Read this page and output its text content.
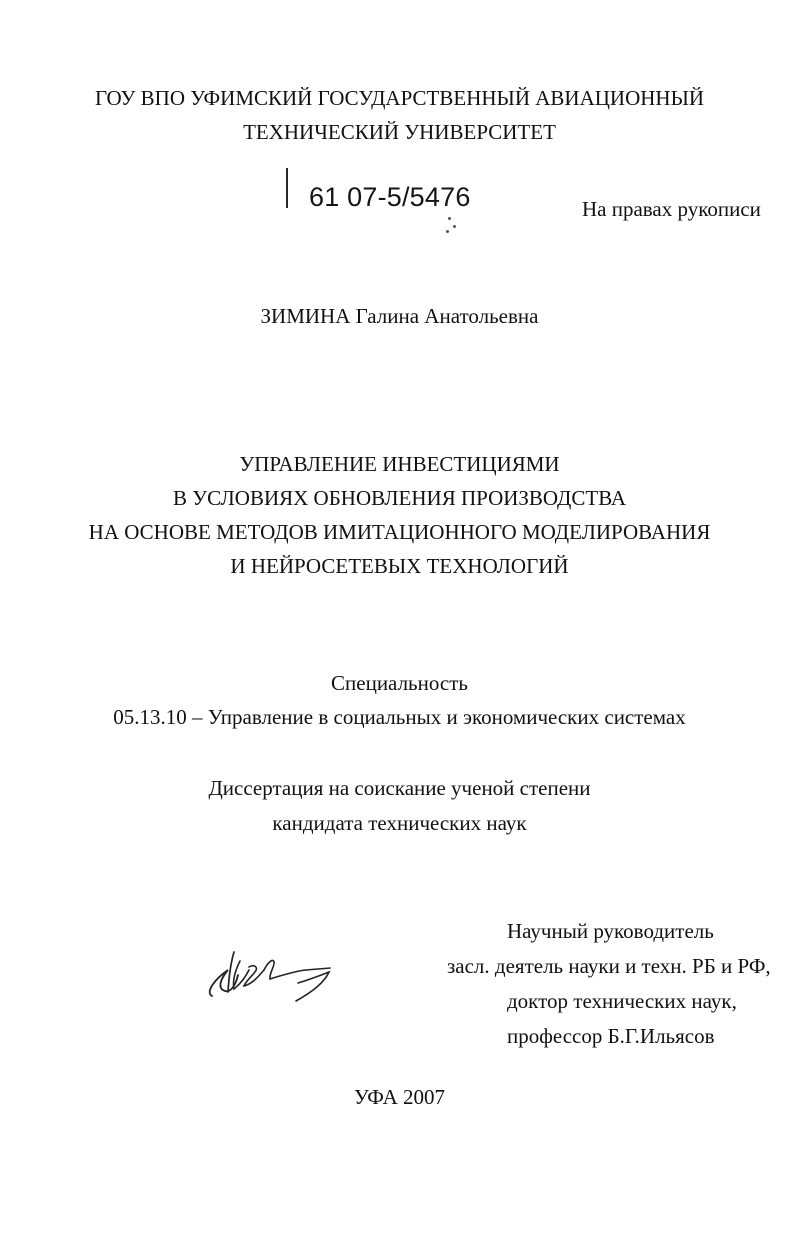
ГОУ ВПО УФИМСКИЙ ГОСУДАРСТВЕННЫЙ АВИАЦИОННЫЙ
ТЕХНИЧЕСКИЙ УНИВЕРСИТЕТ
61 07-5/5476	На правах рукописи
ЗИМИНА Галина Анатольевна
УПРАВЛЕНИЕ ИНВЕСТИЦИЯМИ
В УСЛОВИЯХ ОБНОВЛЕНИЯ ПРОИЗВОДСТВА
НА ОСНОВЕ МЕТОДОВ ИМИТАЦИОННОГО МОДЕЛИРОВАНИЯ
И НЕЙРОСЕТЕВЫХ ТЕХНОЛОГИЙ
Специальность
05.13.10 – Управление в социальных и экономических системах
Диссертация на соискание ученой степени
кандидата технических наук
Научный руководитель
засл. деятель науки и техн. РБ и РФ,
доктор технических наук,
профессор Б.Г.Ильясов
УФА 2007
